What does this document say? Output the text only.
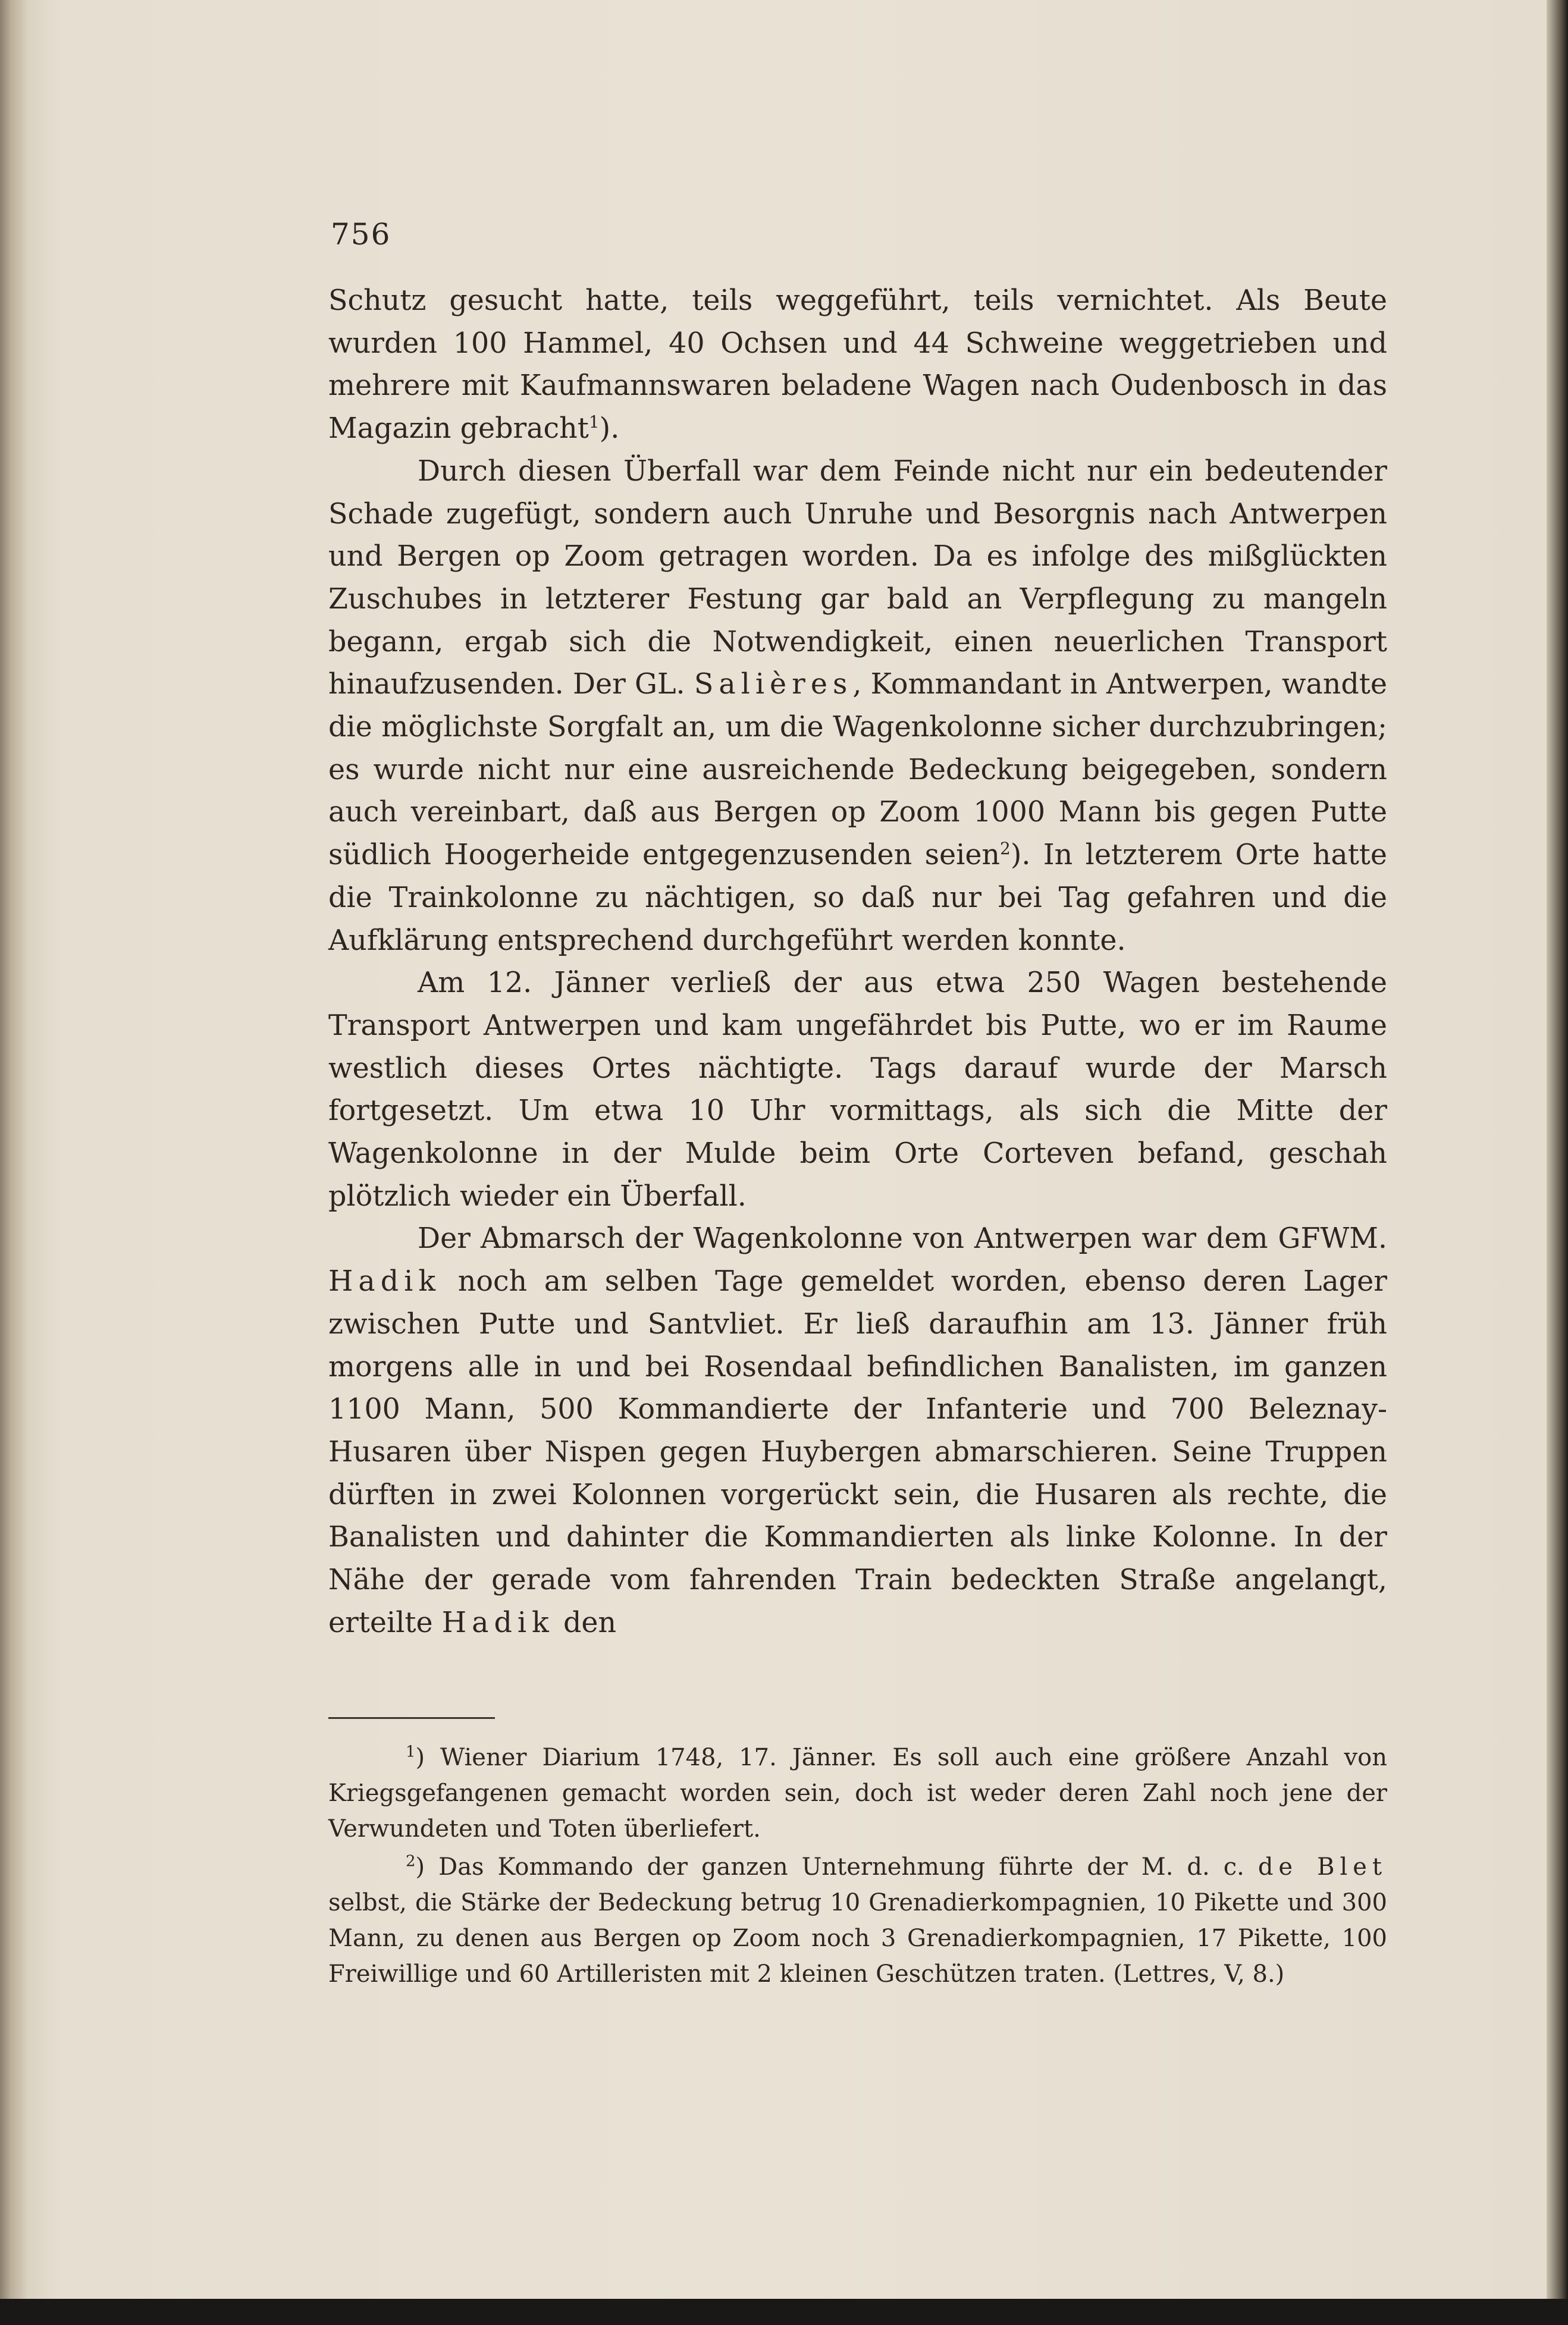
756

Schutz gesucht hatte, teils weggeführt, teils vernichtet. Als Beute wurden 100 Hammel, 40 Ochsen und 44 Schweine weggetrieben und mehrere mit Kaufmannswaren beladene Wagen nach Oudenbosch in das Magazin gebracht$^1$).

Durch diesen Überfall war dem Feinde nicht nur ein bedeutender Schade zugefügt, sondern auch Unruhe und Besorgnis nach Antwerpen und Bergen op Zoom getragen worden. Da es infolge des mißglückten Zuschubes in letzterer Festung gar bald an Verpflegung zu mangeln begann, ergab sich die Notwendigkeit, einen neuerlichen Transport hinaufzusenden. Der GL. Salières, Kommandant in Antwerpen, wandte die möglichste Sorgfalt an, um die Wagenkolonne sicher durchzubringen; es wurde nicht nur eine ausreichende Bedeckung beigegeben, sondern auch vereinbart, daß aus Bergen op Zoom 1000 Mann bis gegen Putte südlich Hoogerheide entgegenzusenden seien$^2$). In letzterem Orte hatte die Trainkolonne zu nächtigen, so daß nur bei Tag gefahren und die Aufklärung entsprechend durchgeführt werden konnte.

Am 12. Jänner verließ der aus etwa 250 Wagen bestehende Transport Antwerpen und kam ungefährdet bis Putte, wo er im Raume westlich dieses Ortes nächtigte. Tags darauf wurde der Marsch fortgesetzt. Um etwa 10 Uhr vormittags, als sich die Mitte der Wagenkolonne in der Mulde beim Orte Corteven befand, geschah plötzlich wieder ein Überfall.

Der Abmarsch der Wagenkolonne von Antwerpen war dem GFWM. Hadik noch am selben Tage gemeldet worden, ebenso deren Lager zwischen Putte und Santvliet. Er ließ daraufhin am 13. Jänner früh morgens alle in und bei Rosendaal befindlichen Banalisten, im ganzen 1100 Mann, 500 Kommandierte der Infanterie und 700 Beleznay-Husaren über Nispen gegen Huybergen abmarschieren. Seine Truppen dürften in zwei Kolonnen vorgerückt sein, die Husaren als rechte, die Banalisten und dahinter die Kommandierten als linke Kolonne. In der Nähe der gerade vom fahrenden Train bedeckten Straße angelangt, erteilte Hadik den

$^1$) Wiener Diarium 1748, 17. Jänner. Es soll auch eine größere Anzahl von Kriegsgefangenen gemacht worden sein, doch ist weder deren Zahl noch jene der Verwundeten und Toten überliefert.

$^2$) Das Kommando der ganzen Unternehmung führte der M. d. c. de Blet selbst, die Stärke der Bedeckung betrug 10 Grenadierkompagnien, 10 Pikette und 300 Mann, zu denen aus Bergen op Zoom noch 3 Grenadierkompagnien, 17 Pikette, 100 Freiwillige und 60 Artilleristen mit 2 kleinen Geschützen traten. (Lettres, V, 8.)
